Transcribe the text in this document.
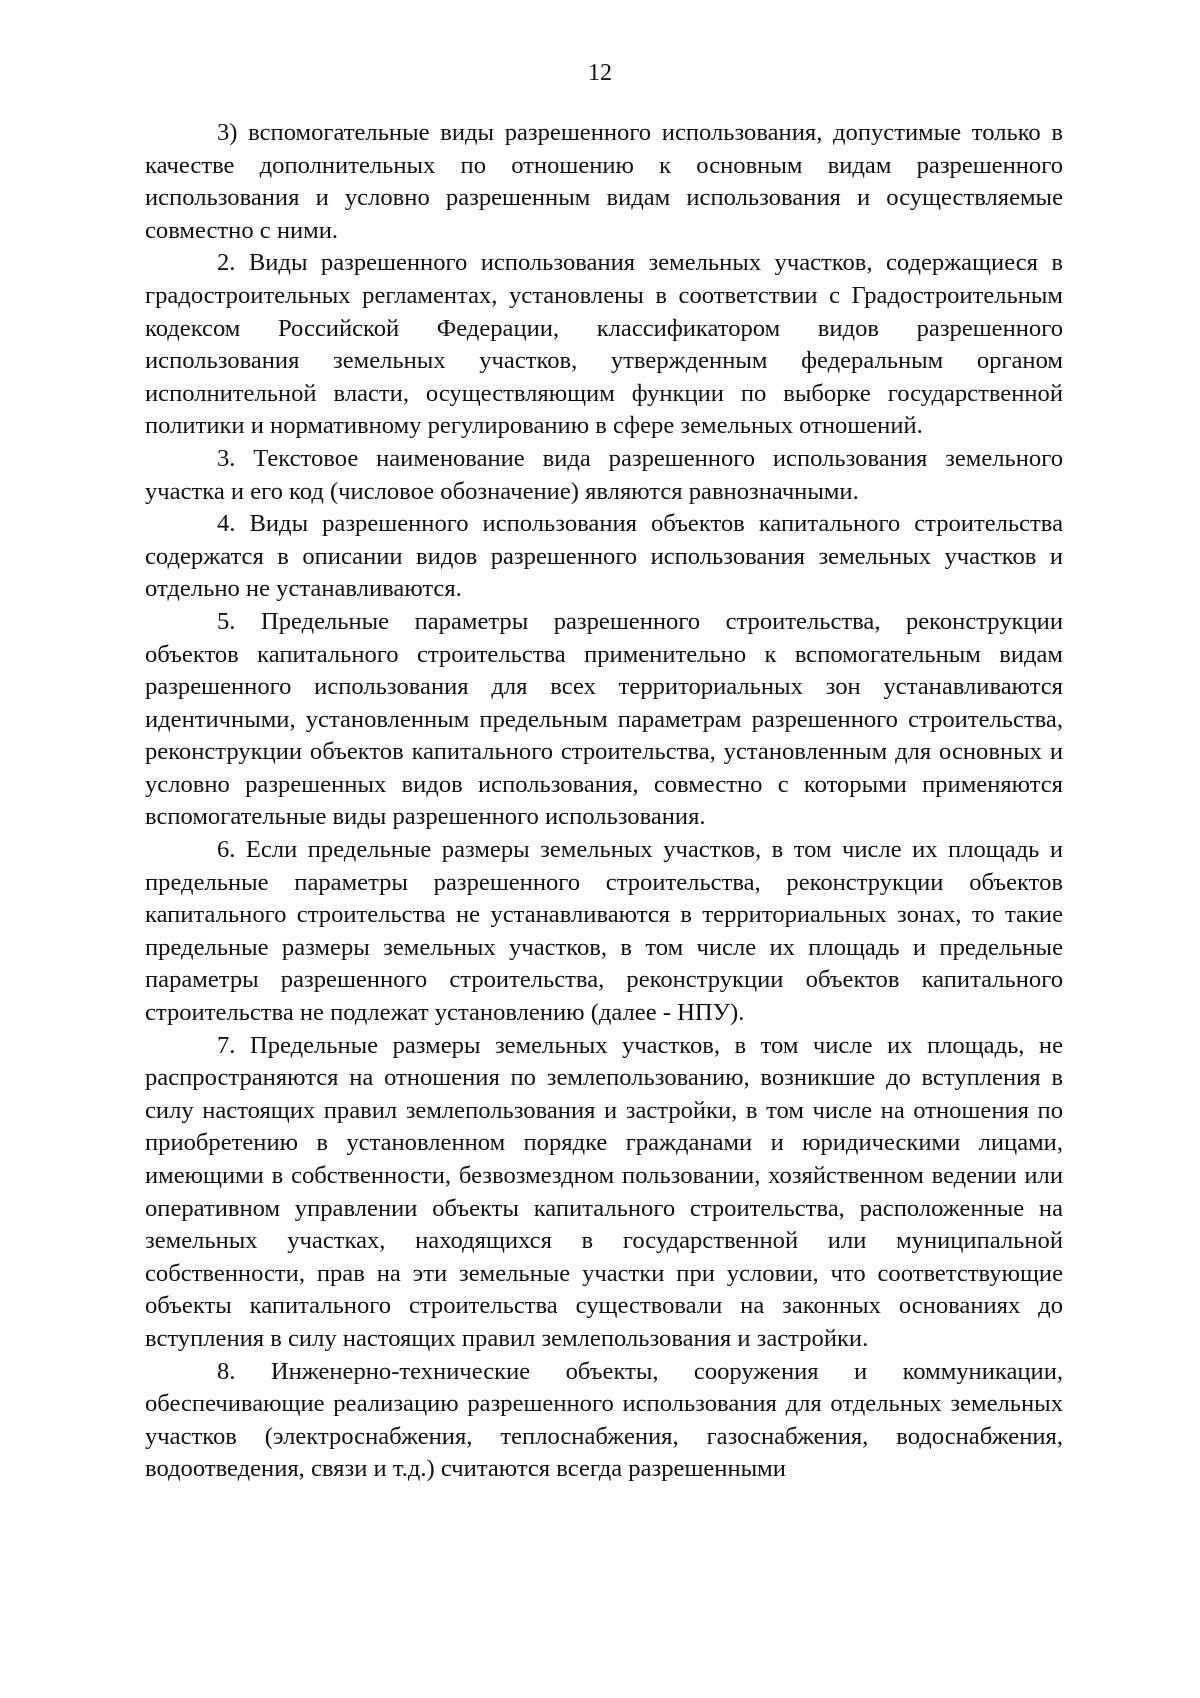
12

3) вспомогательные виды разрешенного использования, допустимые только в качестве дополнительных по отношению к основным видам разрешенного использования и условно разрешенным видам использования и осуществляемые совместно с ними.

2. Виды разрешенного использования земельных участков, содержащиеся в градостроительных регламентах, установлены в соответствии с Градостроительным кодексом Российской Федерации, классификатором видов разрешенного использования земельных участков, утвержденным федеральным органом исполнительной власти, осуществляющим функции по выборке государственной политики и нормативному регулированию в сфере земельных отношений.

3. Текстовое наименование вида разрешенного использования земельного участка и его код (числовое обозначение) являются равнозначными.

4. Виды разрешенного использования объектов капитального строительства содержатся в описании видов разрешенного использования земельных участков и отдельно не устанавливаются.

5. Предельные параметры разрешенного строительства, реконструкции объектов капитального строительства применительно к вспомогательным видам разрешенного использования для всех территориальных зон устанавливаются идентичными, установленным предельным параметрам разрешенного строительства, реконструкции объектов капитального строительства, установленным для основных и условно разрешенных видов использования, совместно с которыми применяются вспомогательные виды разрешенного использования.

6. Если предельные размеры земельных участков, в том числе их площадь и предельные параметры разрешенного строительства, реконструкции объектов капитального строительства не устанавливаются в территориальных зонах, то такие предельные размеры земельных участков, в том числе их площадь и предельные параметры разрешенного строительства, реконструкции объектов капитального строительства не подлежат установлению (далее - НПУ).

7. Предельные размеры земельных участков, в том числе их площадь, не распространяются на отношения по землепользованию, возникшие до вступления в силу настоящих правил землепользования и застройки, в том числе на отношения по приобретению в установленном порядке гражданами и юридическими лицами, имеющими в собственности, безвозмездном пользовании, хозяйственном ведении или оперативном управлении объекты капитального строительства, расположенные на земельных участках, находящихся в государственной или муниципальной собственности, прав на эти земельные участки при условии, что соответствующие объекты капитального строительства существовали на законных основаниях до вступления в силу настоящих правил землепользования и застройки.

8. Инженерно-технические объекты, сооружения и коммуникации, обеспечивающие реализацию разрешенного использования для отдельных земельных участков (электроснабжения, теплоснабжения, газоснабжения, водоснабжения, водоотведения, связи и т.д.) считаются всегда разрешенными
